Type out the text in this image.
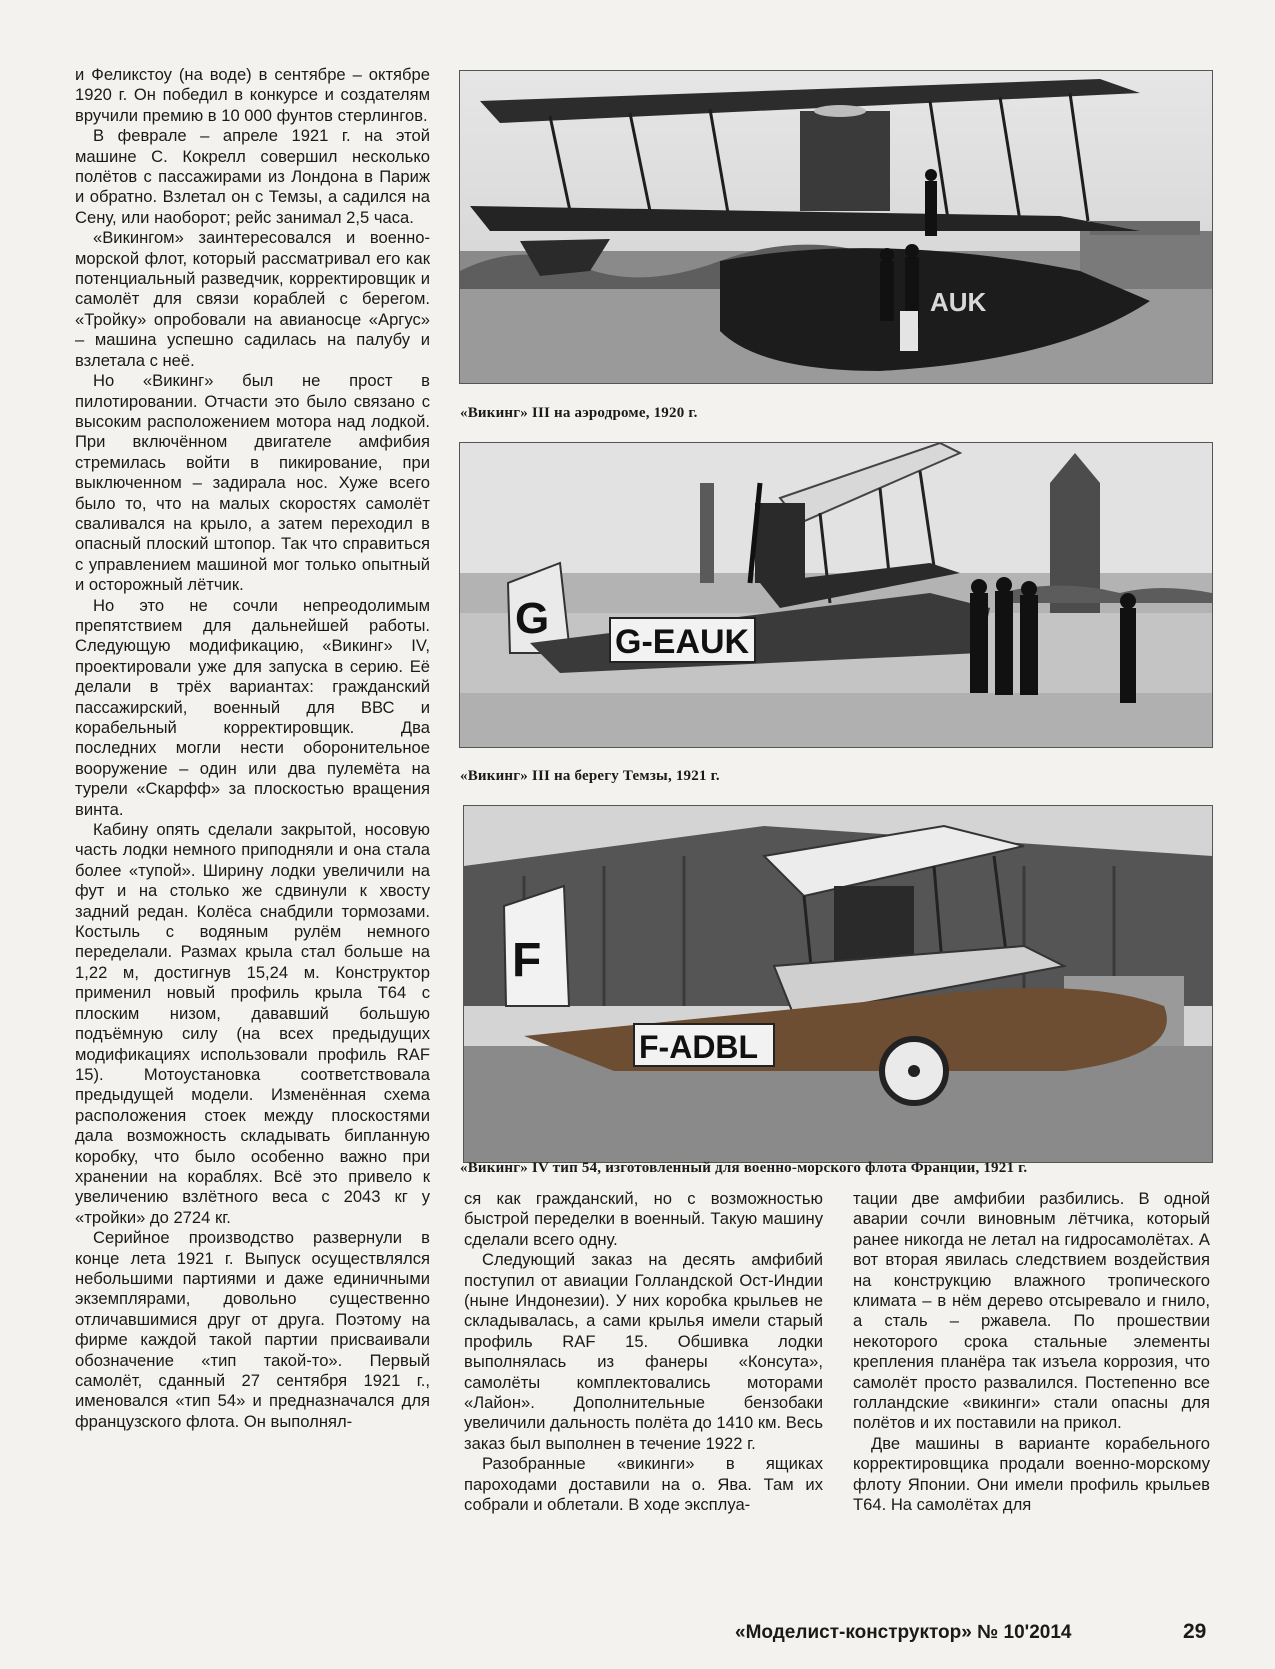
и Феликстоу (на воде) в сентябре – октябре 1920 г. Он победил в конкурсе и создателям вручили премию в 10 000 фунтов стерлингов.

В феврале – апреле 1921 г. на этой машине С. Кокрелл совершил несколько полётов с пассажирами из Лондона в Париж и обратно. Взлетал он с Темзы, а садился на Сену, или наоборот; рейс занимал 2,5 часа.

«Викингом» заинтересовался и военно-морской флот, который рассматривал его как потенциальный разведчик, корректировщик и самолёт для связи кораблей с берегом. «Тройку» опробовали на авианосце «Аргус» – машина успешно садилась на палубу и взлетала с неё.

Но «Викинг» был не прост в пилотировании. Отчасти это было связано с высоким расположением мотора над лодкой. При включённом двигателе амфибия стремилась войти в пикирование, при выключенном – задирала нос. Хуже всего было то, что на малых скоростях самолёт сваливался на крыло, а затем переходил в опасный плоский штопор. Так что справиться с управлением машиной мог только опытный и осторожный лётчик.

Но это не сочли непреодолимым препятствием для дальнейшей работы. Следующую модификацию, «Викинг» IV, проектировали уже для запуска в серию. Её делали в трёх вариантах: гражданский пассажирский, военный для ВВС и корабельный корректировщик. Два последних могли нести оборонительное вооружение – один или два пулемёта на турели «Скарфф» за плоскостью вращения винта.

Кабину опять сделали закрытой, носовую часть лодки немного приподняли и она стала более «тупой». Ширину лодки увеличили на фут и на столько же сдвинули к хвосту задний редан. Колёса снабдили тормозами. Костыль с водяным рулём немного переделали. Размах крыла стал больше на 1,22 м, достигнув 15,24 м. Конструктор применил новый профиль крыла T64 с плоским низом, дававший большую подъёмную силу (на всех предыдущих модификациях использовали профиль RAF 15). Мотоустановка соответствовала предыдущей модели. Изменённая схема расположения стоек между плоскостями дала возможность складывать бипланную коробку, что было особенно важно при хранении на кораблях. Всё это привело к увеличению взлётного веса с 2043 кг у «тройки» до 2724 кг.

Серийное производство развернули в конце лета 1921 г. Выпуск осуществлялся небольшими партиями и даже единичными экземплярами, довольно существенно отличавшимися друг от друга. Поэтому на фирме каждой такой партии присваивали обозначение «тип такой-то». Первый самолёт, сданный 27 сентября 1921 г., именовался «тип 54» и предназначался для французского флота. Он выполнял-

AUK
«Викинг» III на аэродроме, 1920 г.
G G-EAUK
«Викинг» III на берегу Темзы, 1921 г.
F
F-ADBL
«Викинг» IV тип 54, изготовленный для военно-морского флота Франции, 1921 г.

ся как гражданский, но с возможностью быстрой переделки в военный. Такую машину сделали всего одну.

Следующий заказ на десять амфибий поступил от авиации Голландской Ост-Индии (ныне Индонезии). У них коробка крыльев не складывалась, а сами крылья имели старый профиль RAF 15. Обшивка лодки выполнялась из фанеры «Консута», самолёты комплектовались моторами «Лайон». Дополнительные бензобаки увеличили дальность полёта до 1410 км. Весь заказ был выполнен в течение 1922 г.

Разобранные «викинги» в ящиках пароходами доставили на о. Ява. Там их собрали и облетали. В ходе эксплуа-

тации две амфибии разбились. В одной аварии сочли виновным лётчика, который ранее никогда не летал на гидросамолётах. А вот вторая явилась следствием воздействия на конструкцию влажного тропического климата – в нём дерево отсыревало и гнило, а сталь – ржавела. По прошествии некоторого срока стальные элементы крепления планёра так изъела коррозия, что самолёт просто развалился. Постепенно все голландские «викинги» стали опасны для полётов и их поставили на прикол.

Две машины в варианте корабельного корректировщика продали военно-морскому флоту Японии. Они имели профиль крыльев T64. На самолётах для

«Моделист-конструктор» № 10'2014	29
